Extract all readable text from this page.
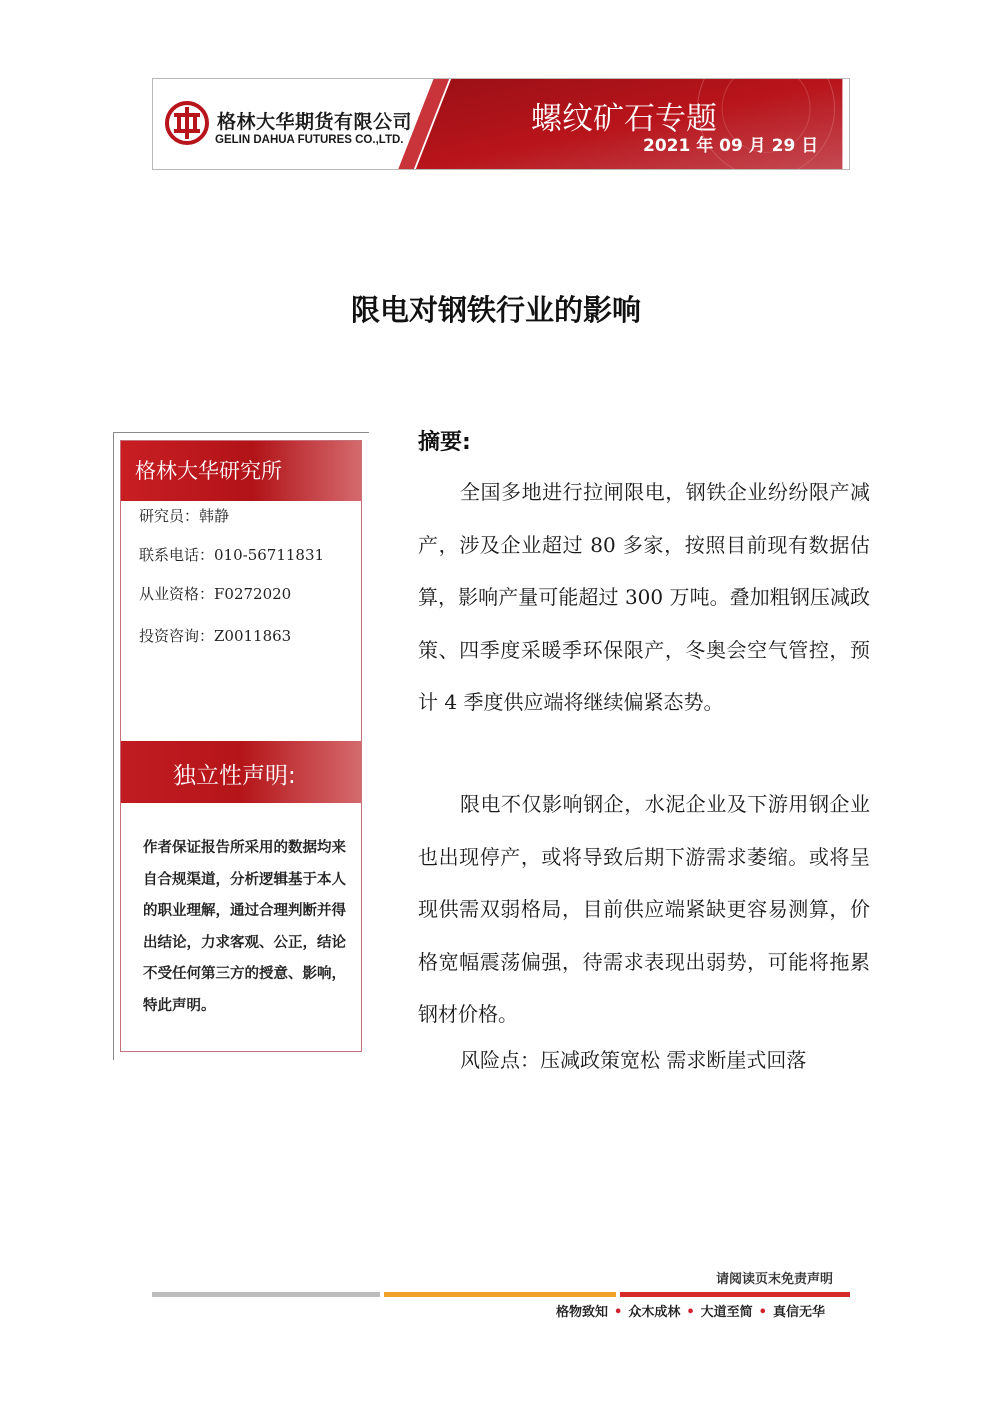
格林大华期货有限公司
GELIN DAHUA FUTURES CO.,LTD.
螺纹矿石专题
2021 年 09 月 29 日
限电对钢铁行业的影响
格林大华研究所
研究员：韩静
联系电话：010-56711831
从业资格：F0272020
投资咨询：Z0011863
独立性声明:
作者保证报告所采用的数据均来自合规渠道，分析逻辑基于本人的职业理解，通过合理判断并得出结论，力求客观、公正，结论不受任何第三方的授意、影响，特此声明。
摘要:
全国多地进行拉闸限电，钢铁企业纷纷限产减产，涉及企业超过 80 多家，按照目前现有数据估算，影响产量可能超过 300 万吨。叠加粗钢压减政策、四季度采暖季环保限产，冬奥会空气管控，预计 4 季度供应端将继续偏紧态势。
限电不仅影响钢企，水泥企业及下游用钢企业也出现停产，或将导致后期下游需求萎缩。或将呈现供需双弱格局，目前供应端紧缺更容易测算，价格宽幅震荡偏强，待需求表现出弱势，可能将拖累钢材价格。
风险点：压减政策宽松 需求断崖式回落
请阅读页末免责声明
格物致知 • 众木成林 • 大道至简 • 真信无华
